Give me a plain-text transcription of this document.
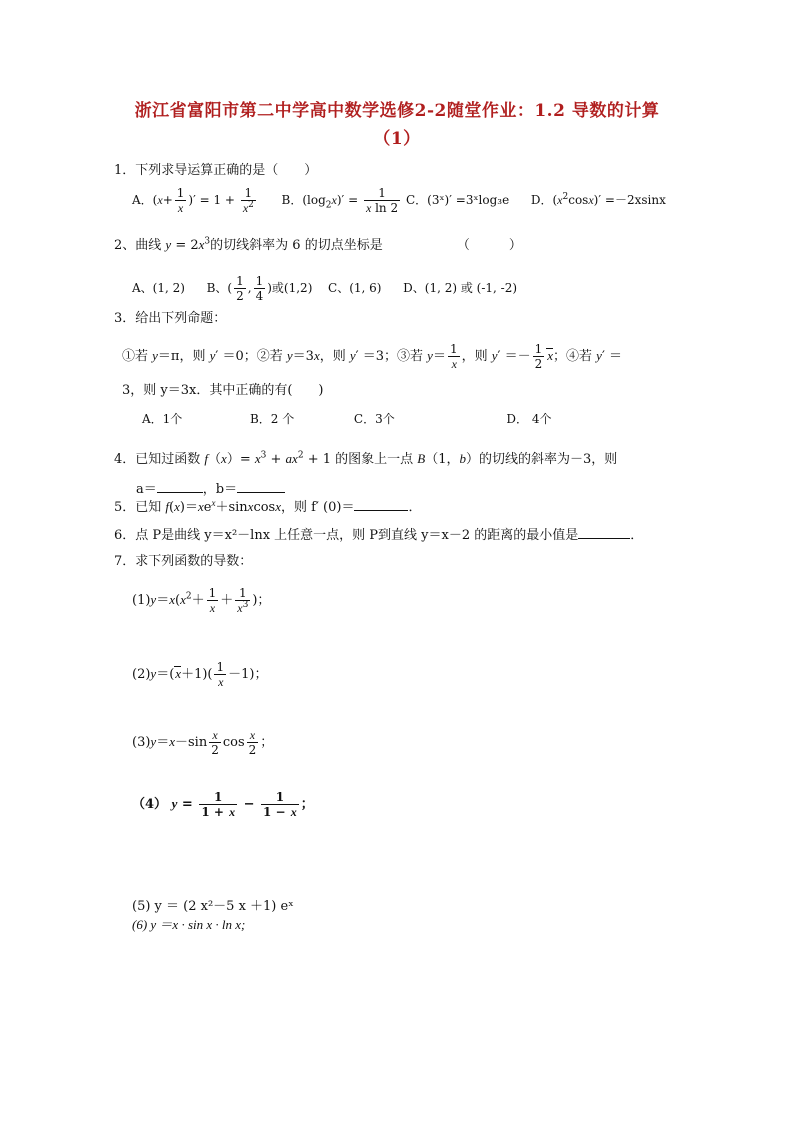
浙江省富阳市第二中学高中数学选修2-2随堂作业：1.2 导数的计算
（1）
1．下列求导运算正确的是（　　）
A．($x+ \frac{1}{x}$ )′ = $1 + \frac{1}{x^2}$ B．$(\log_2x)' = \frac{1}{\text{x ln 2}}$ C．(3ˣ)′ =3ˣlog₃e D．$(x^2\cos x)' =-2xsinx$
2、曲线 $y = 2x^3$的切线斜率为 6 的切点坐标是	（　　　）
A、(1, 2) B、( $\frac{1}{2}$ , $\frac{1}{4}$ )或(1,2) C、(1, 6) D、(1, 2) 或 (-1, -2)
3．给出下列命题：
①若 y＝π，则 y′ ＝0；②若 y＝3x，则 y′ ＝3；③若 $y= \frac{1}{x}$ ，则 $y' =- \frac{1}{2}$ x；④若 y′ ＝
3，则 y＝3x．其中正确的有(　　)
A．1个	B．2 个	C．3个	D． 4个
4．已知过函数 $f(x)= x^3 + ax^2 + 1$ 的图象上一点 B（1，b）的切线的斜率为－3，则
a＝	，b＝
5．已知 $f(x)=xe^x+sinxcosx$，则 f′ (0)＝	．
6．点 P是曲线 y＝x²－lnx 上任意一点，则 P到直线 y＝x－2 的距离的最小值是	．
7．求下列函数的导数：
$(1)y=x(x^2+ \frac{1}{x} + \frac{1}{x^3}$ )；
$(2)y=(x+1)( \frac{1}{x} -1)$；
$(3)y=x-\sin \frac{x}{2}$ $\cos \frac{x}{2}$ ；
（4） $y = \frac{1}{1 + x} - \frac{1}{1 - x}$ ；
(5) y ＝ (2 x²－5 x ＋1) eˣ
(6) y ＝x · sin x · ln x;
